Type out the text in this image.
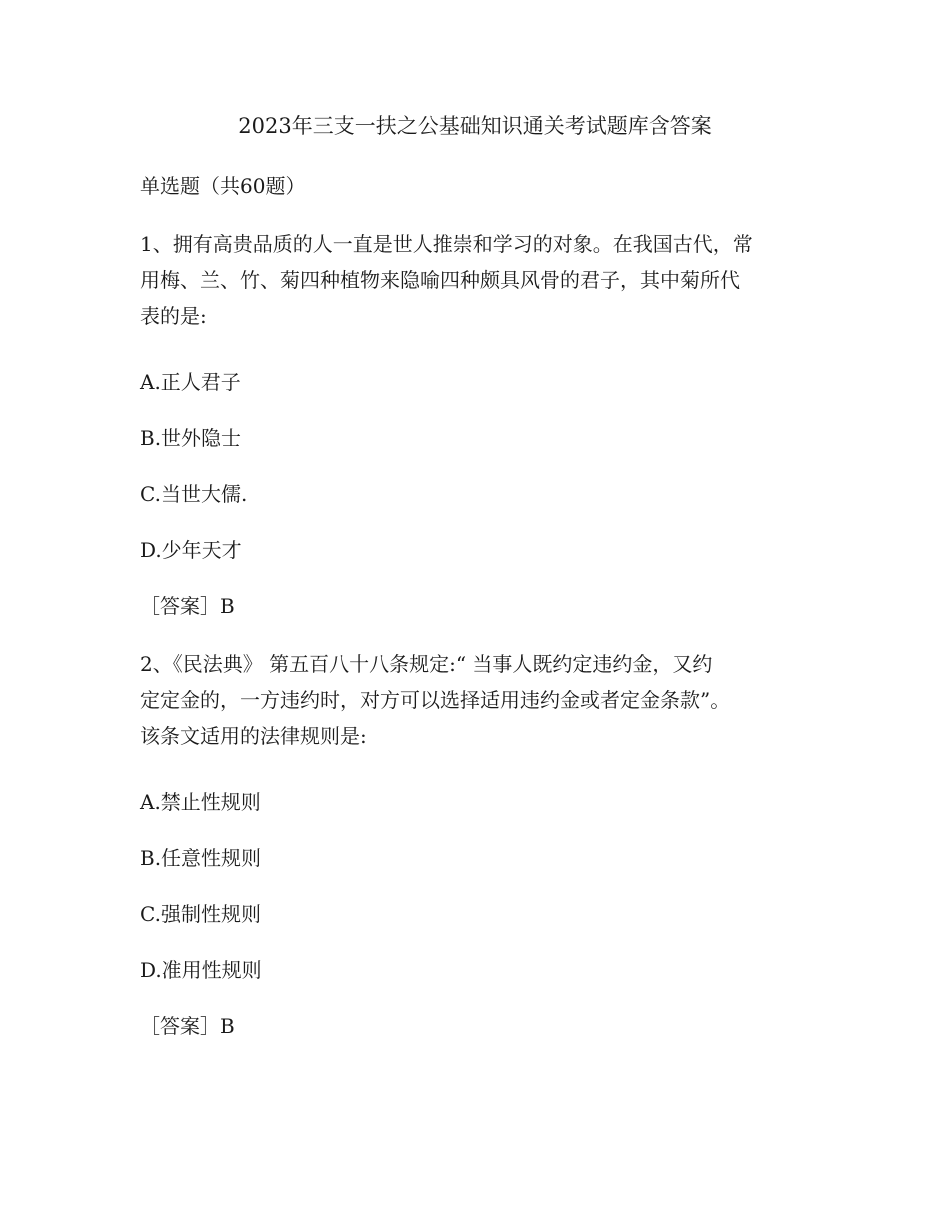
2023年三支一扶之公基础知识通关考试题库含答案
单选题（共60题）
1、拥有高贵品质的人一直是世人推崇和学习的对象。在我国古代，常
用梅、兰、竹、菊四种植物来隐喻四种颇具风骨的君子，其中菊所代
表的是:
A.正人君子
B.世外隐士
C.当世大儒.
D.少年天才
［答案］B
2、《民法典》 第五百八十八条规定:“ 当事人既约定违约金，又约
定定金的，一方违约时，对方可以选择适用违约金或者定金条款”。
该条文适用的法律规则是:
A.禁止性规则
B.任意性规则
C.强制性规则
D.准用性规则
［答案］B
